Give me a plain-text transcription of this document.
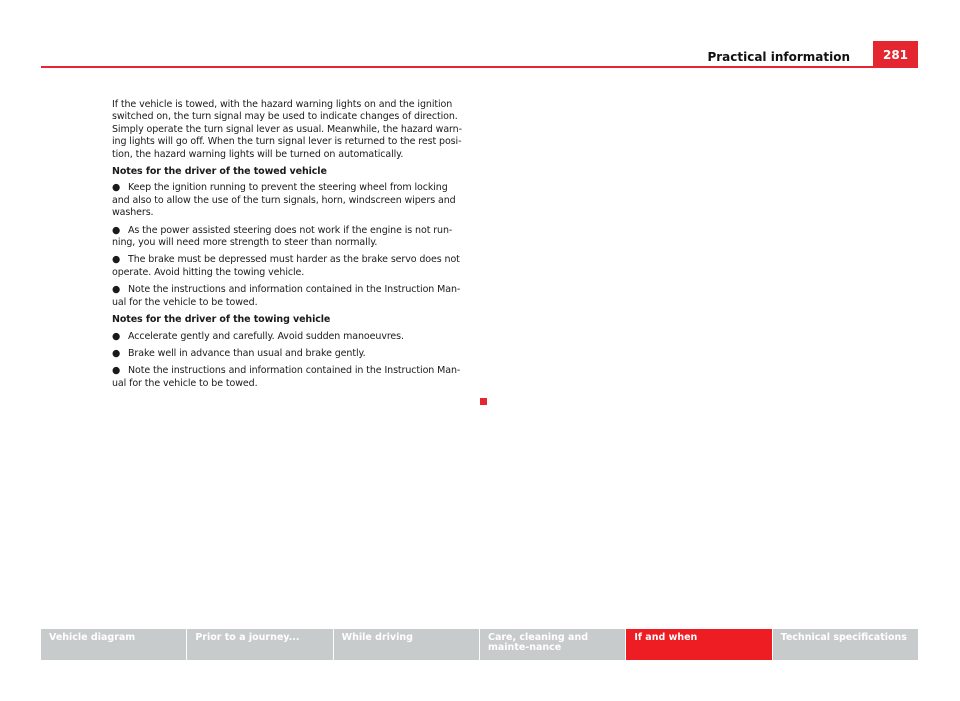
Practical information	281

If the vehicle is towed, with the hazard warning lights on and the ignition switched on, the turn signal may be used to indicate changes of direction. Simply operate the turn signal lever as usual. Meanwhile, the hazard warn-ing lights will go off. When the turn signal lever is returned to the rest posi-tion, the hazard warning lights will be turned on automatically.

Notes for the driver of the towed vehicle

● Keep the ignition running to prevent the steering wheel from locking and also to allow the use of the turn signals, horn, windscreen wipers and washers.

● As the power assisted steering does not work if the engine is not run-ning, you will need more strength to steer than normally.

● The brake must be depressed must harder as the brake servo does not operate. Avoid hitting the towing vehicle.

● Note the instructions and information contained in the Instruction Man-ual for the vehicle to be towed.

Notes for the driver of the towing vehicle

● Accelerate gently and carefully. Avoid sudden manoeuvres.

● Brake well in advance than usual and brake gently.

● Note the instructions and information contained in the Instruction Man-ual for the vehicle to be towed.

Vehicle diagram	Prior to a journey...	While driving	Care, cleaning and mainte-nance
If and when	Technical specifications
